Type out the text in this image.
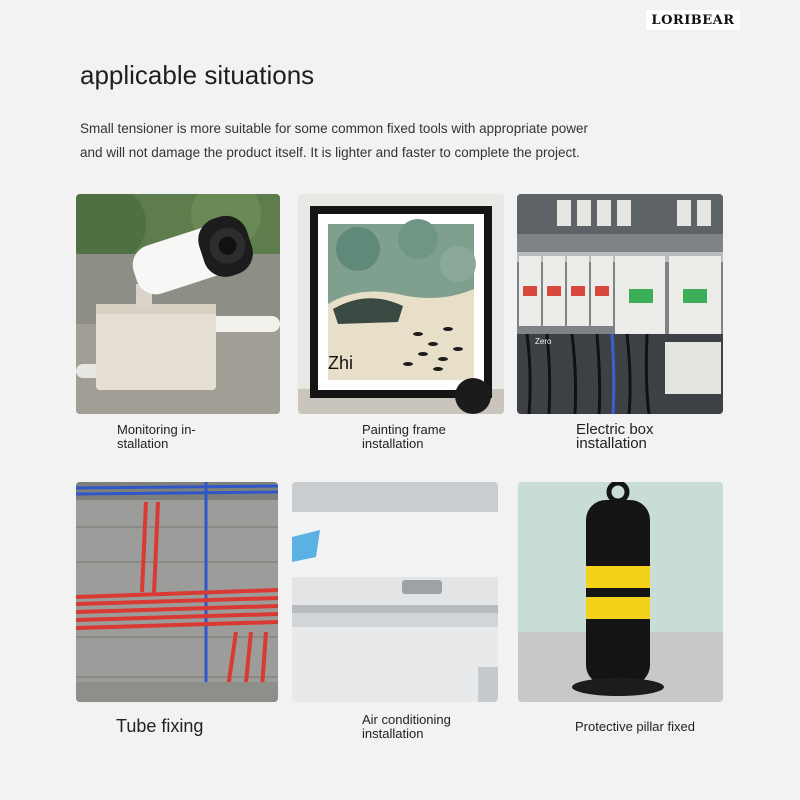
LORIBEAR
applicable situations
Small tensioner is more suitable for some common fixed tools with appropriate power
and will not damage the product itself. It is lighter and faster to complete the project.
Monitoring in-
stallation
Zhi
Painting frame
installation
Zero
Electric box
installation
Tube fixing	Air conditioning
installation	Protective pillar fixed
